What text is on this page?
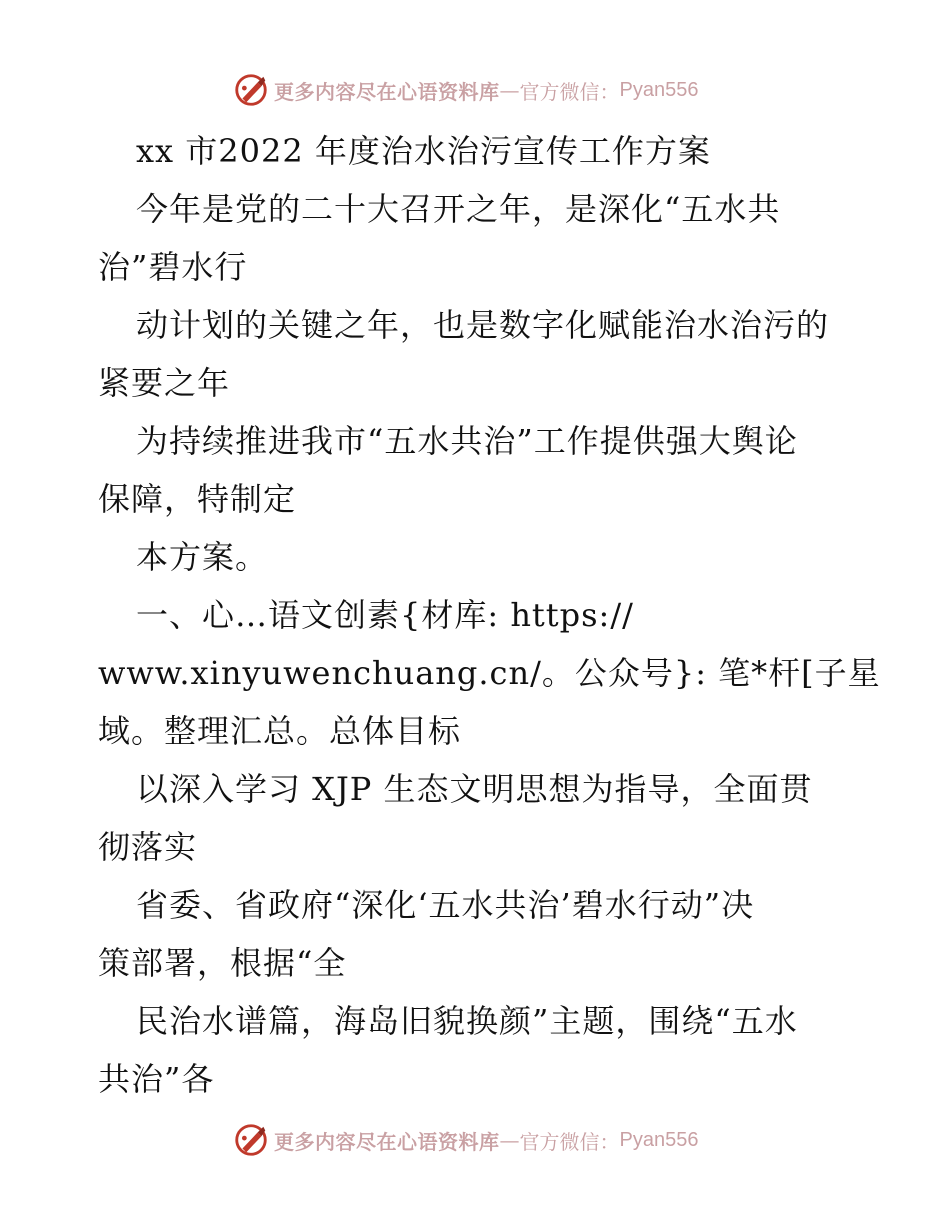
更多内容尽在心语资料库 — 官方微信： Pyan556
xx 市2022 年度治水治污宣传工作方案
今年是党的二十大召开之年，是深化“五水共
治”碧水行
动计划的关键之年，也是数字化赋能治水治污的
紧要之年
为持续推进我市“五水共治”工作提供强大舆论
保障，特制定
本方案。
一、心…语文创素{材库: https://
www.xinyuwenchuang.cn/。公众号}: 笔*杆[子星
域。整理汇总。总体目标
以深入学习 XJP 生态文明思想为指导，全面贯
彻落实
省委、省政府“深化‘五水共治’碧水行动”决
策部署，根据“全
民治水谱篇，海岛旧貌换颜”主题，围绕“五水
共治”各
更多内容尽在心语资料库 — 官方微信： Pyan556
